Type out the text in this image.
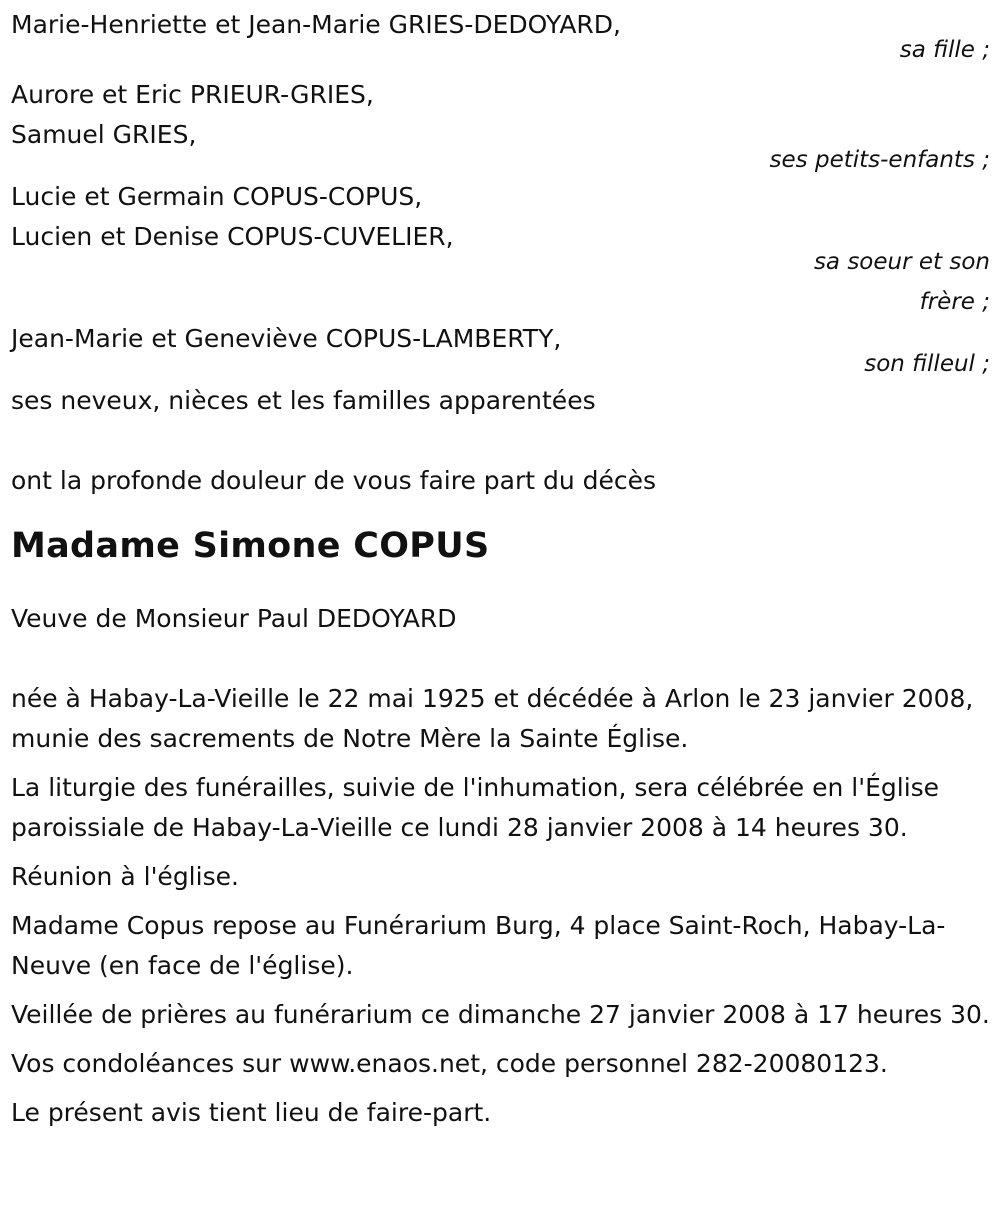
Marie-Henriette et Jean-Marie GRIES-DEDOYARD,
sa fille ;
Aurore et Eric PRIEUR-GRIES,
Samuel GRIES,
ses petits-enfants ;
Lucie et Germain COPUS-COPUS,
Lucien et Denise COPUS-CUVELIER,
sa soeur et son
frère ;
Jean-Marie et Geneviève COPUS-LAMBERTY,
son filleul ;
ses neveux, nièces et les familles apparentées
ont la profonde douleur de vous faire part du décès
Madame Simone COPUS
Veuve de Monsieur Paul DEDOYARD
née à Habay-La-Vieille le 22 mai 1925 et décédée à Arlon le 23 janvier 2008, munie des sacrements de Notre Mère la Sainte Église.
La liturgie des funérailles, suivie de l'inhumation, sera célébrée en l'Église paroissiale de Habay-La-Vieille ce lundi 28 janvier 2008 à 14 heures 30.
Réunion à l'église.
Madame Copus repose au Funérarium Burg, 4 place Saint-Roch, Habay-La-Neuve (en face de l'église).
Veillée de prières au funérarium ce dimanche 27 janvier 2008 à 17 heures 30.
Vos condoléances sur www.enaos.net, code personnel 282-20080123.
Le présent avis tient lieu de faire-part.
